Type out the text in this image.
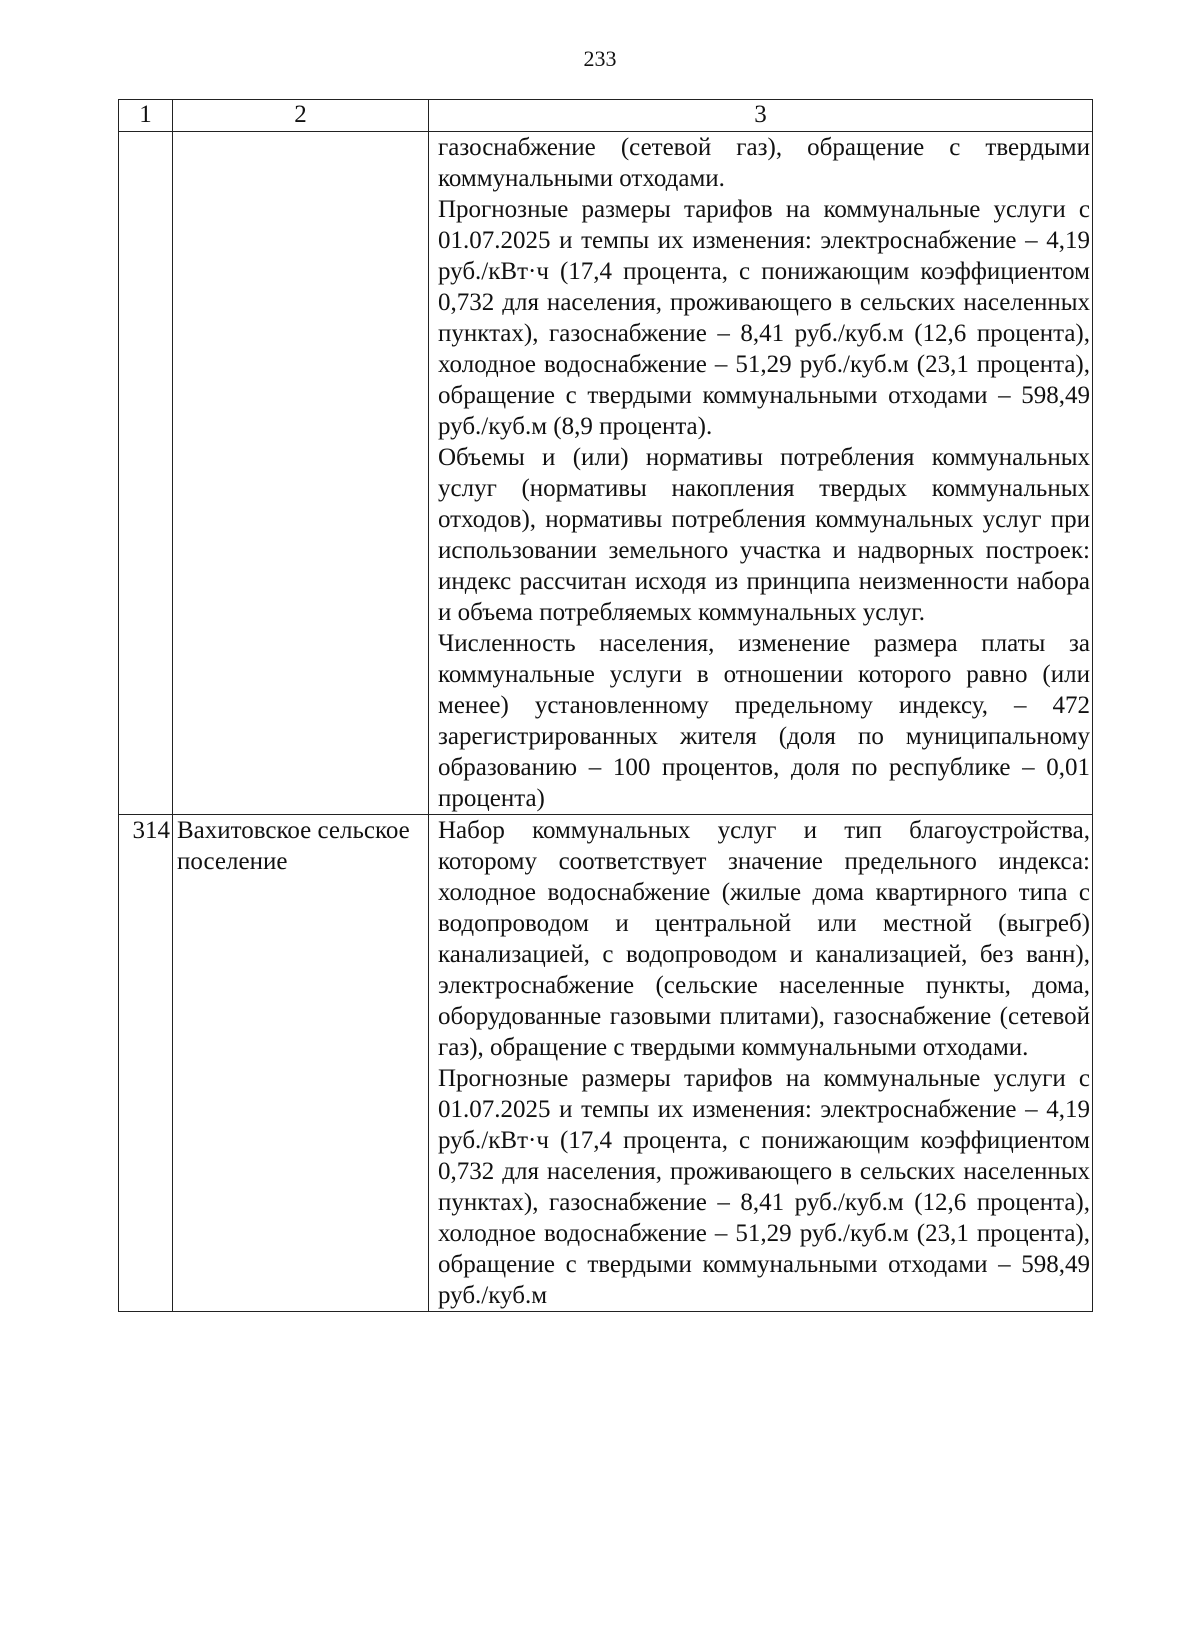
233
1	2	3

		газоснабжение (сетевой газ), обращение с твердыми коммунальными отходами.

Прогнозные размеры тарифов на коммунальные услуги с 01.07.2025 и темпы их изменения: электроснабжение – 4,19 руб./кВт·ч (17,4 процента, с понижающим коэффициентом 0,732 для населения, проживающего в сельских населенных пунктах), газоснабжение – 8,41 руб./куб.м (12,6 процента), холодное водоснабжение – 51,29 руб./куб.м (23,1 процента), обращение с твердыми коммунальными отходами – 598,49 руб./куб.м (8,9 процента).

Объемы и (или) нормативы потребления коммунальных услуг (нормативы накопления твердых коммунальных отходов), нормативы потребления коммунальных услуг при использовании земельного участка и надворных построек: индекс рассчитан исходя из принципа неизменности набора и объема потребляемых коммунальных услуг.

Численность населения, изменение размера платы за коммунальные услуги в отношении которого равно (или менее) установленному предельному индексу, – 472 зарегистрированных жителя (доля по муниципальному образованию – 100 процентов, доля по республике – 0,01 процента)

314	Вахитовское сельское поселение	Набор коммунальных услуг и тип благоустройства, которому соответствует значение предельного индекса: холодное водоснабжение (жилые дома квартирного типа с водопроводом и центральной или местной (выгреб) канализацией, с водопроводом и канализацией, без ванн), электроснабжение (сельские населенные пункты, дома, оборудованные газовыми плитами), газоснабжение (сетевой газ), обращение с твердыми коммунальными отходами.

Прогнозные размеры тарифов на коммунальные услуги с 01.07.2025 и темпы их изменения: электроснабжение – 4,19 руб./кВт·ч (17,4 процента, с понижающим коэффициентом 0,732 для населения, проживающего в сельских населенных пунктах), газоснабжение – 8,41 руб./куб.м (12,6 процента), холодное водоснабжение – 51,29 руб./куб.м (23,1 процента), обращение с твердыми коммунальными отходами – 598,49 руб./куб.м
